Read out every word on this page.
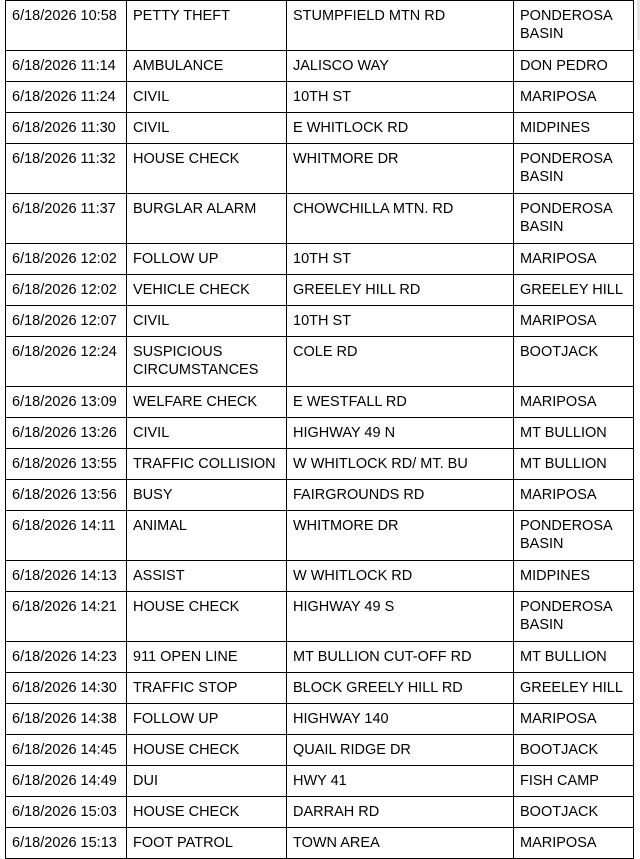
6/18/2026 10:58	PETTY THEFT	STUMPFIELD MTN RD	PONDEROSA BASIN
6/18/2026 11:14	AMBULANCE	JALISCO WAY	DON PEDRO
6/18/2026 11:24	CIVIL	10TH ST	MARIPOSA
6/18/2026 11:30	CIVIL	E WHITLOCK RD	MIDPINES
6/18/2026 11:32	HOUSE CHECK	WHITMORE DR	PONDEROSA BASIN
6/18/2026 11:37	BURGLAR ALARM	CHOWCHILLA MTN. RD	PONDEROSA BASIN
6/18/2026 12:02	FOLLOW UP	10TH ST	MARIPOSA
6/18/2026 12:02	VEHICLE CHECK	GREELEY HILL RD	GREELEY HILL
6/18/2026 12:07	CIVIL	10TH ST	MARIPOSA
6/18/2026 12:24	SUSPICIOUS CIRCUMSTANCES	COLE RD	BOOTJACK
6/18/2026 13:09	WELFARE CHECK	E WESTFALL RD	MARIPOSA
6/18/2026 13:26	CIVIL	HIGHWAY 49 N	MT BULLION
6/18/2026 13:55	TRAFFIC COLLISION	W WHITLOCK RD/ MT. BU	MT BULLION
6/18/2026 13:56	BUSY	FAIRGROUNDS RD	MARIPOSA
6/18/2026 14:11	ANIMAL	WHITMORE DR	PONDEROSA BASIN
6/18/2026 14:13	ASSIST	W WHITLOCK RD	MIDPINES
6/18/2026 14:21	HOUSE CHECK	HIGHWAY 49 S	PONDEROSA BASIN
6/18/2026 14:23	911 OPEN LINE	MT BULLION CUT-OFF RD	MT BULLION
6/18/2026 14:30	TRAFFIC STOP	BLOCK GREELY HILL RD	GREELEY HILL
6/18/2026 14:38	FOLLOW UP	HIGHWAY 140	MARIPOSA
6/18/2026 14:45	HOUSE CHECK	QUAIL RIDGE DR	BOOTJACK
6/18/2026 14:49	DUI	HWY 41	FISH CAMP
6/18/2026 15:03	HOUSE CHECK	DARRAH RD	BOOTJACK
6/18/2026 15:13	FOOT PATROL	TOWN AREA	MARIPOSA
